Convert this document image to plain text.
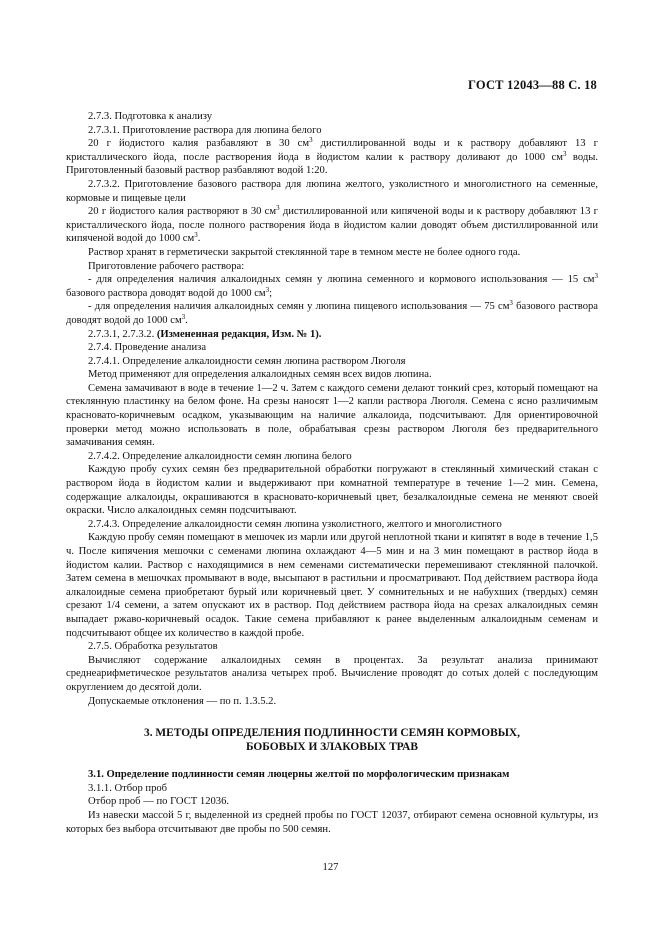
ГОСТ 12043—88 С. 18

2.7.3. Подготовка к анализу

2.7.3.1. Приготовление раствора для люпина белого

20 г йодистого калия разбавляют в 30 $см^3$ дистиллированной воды и к раствору добавляют 13 г кристаллического йода, после растворения йода в йодистом калии к раствору доливают до 1000 $см^3$ воды. Приготовленный базовый раствор разбавляют водой 1:20.

2.7.3.2. Приготовление базового раствора для люпина желтого, узколистного и многолистного на семенные, кормовые и пищевые цели

20 г йодистого калия растворяют в 30 $см^3$ дистиллированной или кипяченой воды и к раствору добавляют 13 г кристаллического йода, после полного растворения йода в йодистом калии доводят объем дистиллированной или кипяченой водой до 1000 $см^3$.

Раствор хранят в герметически закрытой стеклянной таре в темном месте не более одного года.

Приготовление рабочего раствора:

- для определения наличия алкалоидных семян у люпина семенного и кормового использования — 15 $см^3$ базового раствора доводят водой до 1000 $см^3$;

- для определения наличия алкалоидных семян у люпина пищевого использования — 75 $см^3$ базового раствора доводят водой до 1000 $см^3$.

2.7.3.1, 2.7.3.2. (Измененная редакция, Изм. № 1).

2.7.4. Проведение анализа

2.7.4.1. Определение алкалоидности семян люпина раствором Люголя

Метод применяют для определения алкалоидных семян всех видов люпина.

Семена замачивают в воде в течение 1—2 ч. Затем с каждого семени делают тонкий срез, который помещают на стеклянную пластинку на белом фоне. На срезы наносят 1—2 капли раствора Люголя. Семена с ясно различимым красновато-коричневым осадком, указывающим на наличие алкалоида, подсчитывают. Для ориентировочной проверки метод можно использовать в поле, обрабатывая срезы раствором Люголя без предварительного замачивания семян.

2.7.4.2. Определение алкалоидности семян люпина белого

Каждую пробу сухих семян без предварительной обработки погружают в стеклянный химический стакан с раствором йода в йодистом калии и выдерживают при комнатной температуре в течение 1—2 мин. Семена, содержащие алкалоиды, окрашиваются в красновато-коричневый цвет, безалкалоидные семена не меняют своей окраски. Число алкалоидных семян подсчитывают.

2.7.4.3. Определение алкалоидности семян люпина узколистного, желтого и многолистного

Каждую пробу семян помещают в мешочек из марли или другой неплотной ткани и кипятят в воде в течение 1,5 ч. После кипячения мешочки с семенами люпина охлаждают 4—5 мин и на 3 мин помещают в раствор йода в йодистом калии. Раствор с находящимися в нем семенами систематически перемешивают стеклянной палочкой. Затем семена в мешочках промывают в воде, высыпают в растильни и просматривают. Под действием раствора йода алкалоидные семена приобретают бурый или коричневый цвет. У сомнительных и не набухших (твердых) семян срезают 1/4 семени, а затем опускают их в раствор. Под действием раствора йода на срезах алкалоидных семян выпадает ржаво-коричневый осадок. Такие семена прибавляют к ранее выделенным алкалоидным семенам и подсчитывают общее их количество в каждой пробе.

2.7.5. Обработка результатов

Вычисляют содержание алкалоидных семян в процентах. За результат анализа принимают среднеарифметическое результатов анализа четырех проб. Вычисление проводят до сотых долей с последующим округлением до десятой доли.

Допускаемые отклонения — по п. 1.3.5.2.

3. МЕТОДЫ ОПРЕДЕЛЕНИЯ ПОДЛИННОСТИ СЕМЯН КОРМОВЫХ,
БОБОВЫХ И ЗЛАКОВЫХ ТРАВ

3.1. Определение подлинности семян люцерны желтой по морфологическим признакам

3.1.1. Отбор проб

Отбор проб — по ГОСТ 12036.

Из навески массой 5 г, выделенной из средней пробы по ГОСТ 12037, отбирают семена основной культуры, из которых без выбора отсчитывают две пробы по 500 семян.

127
